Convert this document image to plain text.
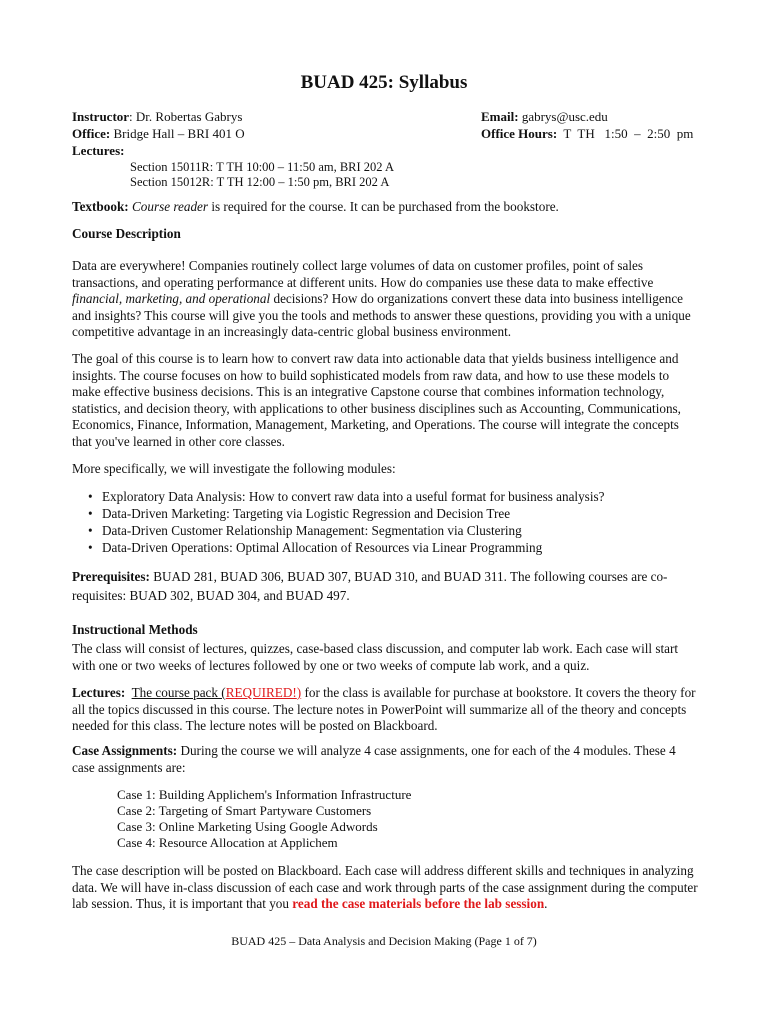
BUAD 425: Syllabus
Instructor: Dr. Robertas Gabrys	Email: gabrys@usc.edu
Office: Bridge Hall – BRI 401 O	Office Hours:  T  TH   1:50  –  2:50  pm
Lectures:
Section 15011R: T TH 10:00 – 11:50 am, BRI 202 A
Section 15012R: T TH 12:00 – 1:50 pm, BRI 202 A
Textbook: Course reader is required for the course. It can be purchased from the bookstore.
Course Description
Data are everywhere! Companies routinely collect large volumes of data on customer profiles, point of sales transactions, and operating performance at different units. How do companies use these data to make effective financial, marketing, and operational decisions? How do organizations convert these data into business intelligence and insights? This course will give you the tools and methods to answer these questions, providing you with a unique competitive advantage in an increasingly data-centric global business environment.
The goal of this course is to learn how to convert raw data into actionable data that yields business intelligence and insights. The course focuses on how to build sophisticated models from raw data, and how to use these models to make effective business decisions. This is an integrative Capstone course that combines information technology, statistics, and decision theory, with applications to other business disciplines such as Accounting, Communications, Economics, Finance, Information, Management, Marketing, and Operations. The course will integrate the concepts that you've learned in other core classes.
More specifically, we will investigate the following modules:
• Exploratory Data Analysis: How to convert raw data into a useful format for business analysis?
• Data-Driven Marketing: Targeting via Logistic Regression and Decision Tree
• Data-Driven Customer Relationship Management: Segmentation via Clustering
• Data-Driven Operations: Optimal Allocation of Resources via Linear Programming
Prerequisites: BUAD 281, BUAD 306, BUAD 307, BUAD 310, and BUAD 311. The following courses are co-requisites: BUAD 302, BUAD 304, and BUAD 497.
Instructional Methods
The class will consist of lectures, quizzes, case-based class discussion, and computer lab work. Each case will start with one or two weeks of lectures followed by one or two weeks of compute lab work, and a quiz.
Lectures: The course pack (REQUIRED!) for the class is available for purchase at bookstore. It covers the theory for all the topics discussed in this course. The lecture notes in PowerPoint will summarize all of the theory and concepts needed for this class. The lecture notes will be posted on Blackboard.
Case Assignments: During the course we will analyze 4 case assignments, one for each of the 4 modules. These 4 case assignments are:
Case 1: Building Applichem's Information Infrastructure
Case 2: Targeting of Smart Partyware Customers
Case 3: Online Marketing Using Google Adwords
Case 4: Resource Allocation at Applichem
The case description will be posted on Blackboard. Each case will address different skills and techniques in analyzing data. We will have in-class discussion of each case and work through parts of the case assignment during the computer lab session. Thus, it is important that you read the case materials before the lab session.
BUAD 425 – Data Analysis and Decision Making (Page 1 of 7)
